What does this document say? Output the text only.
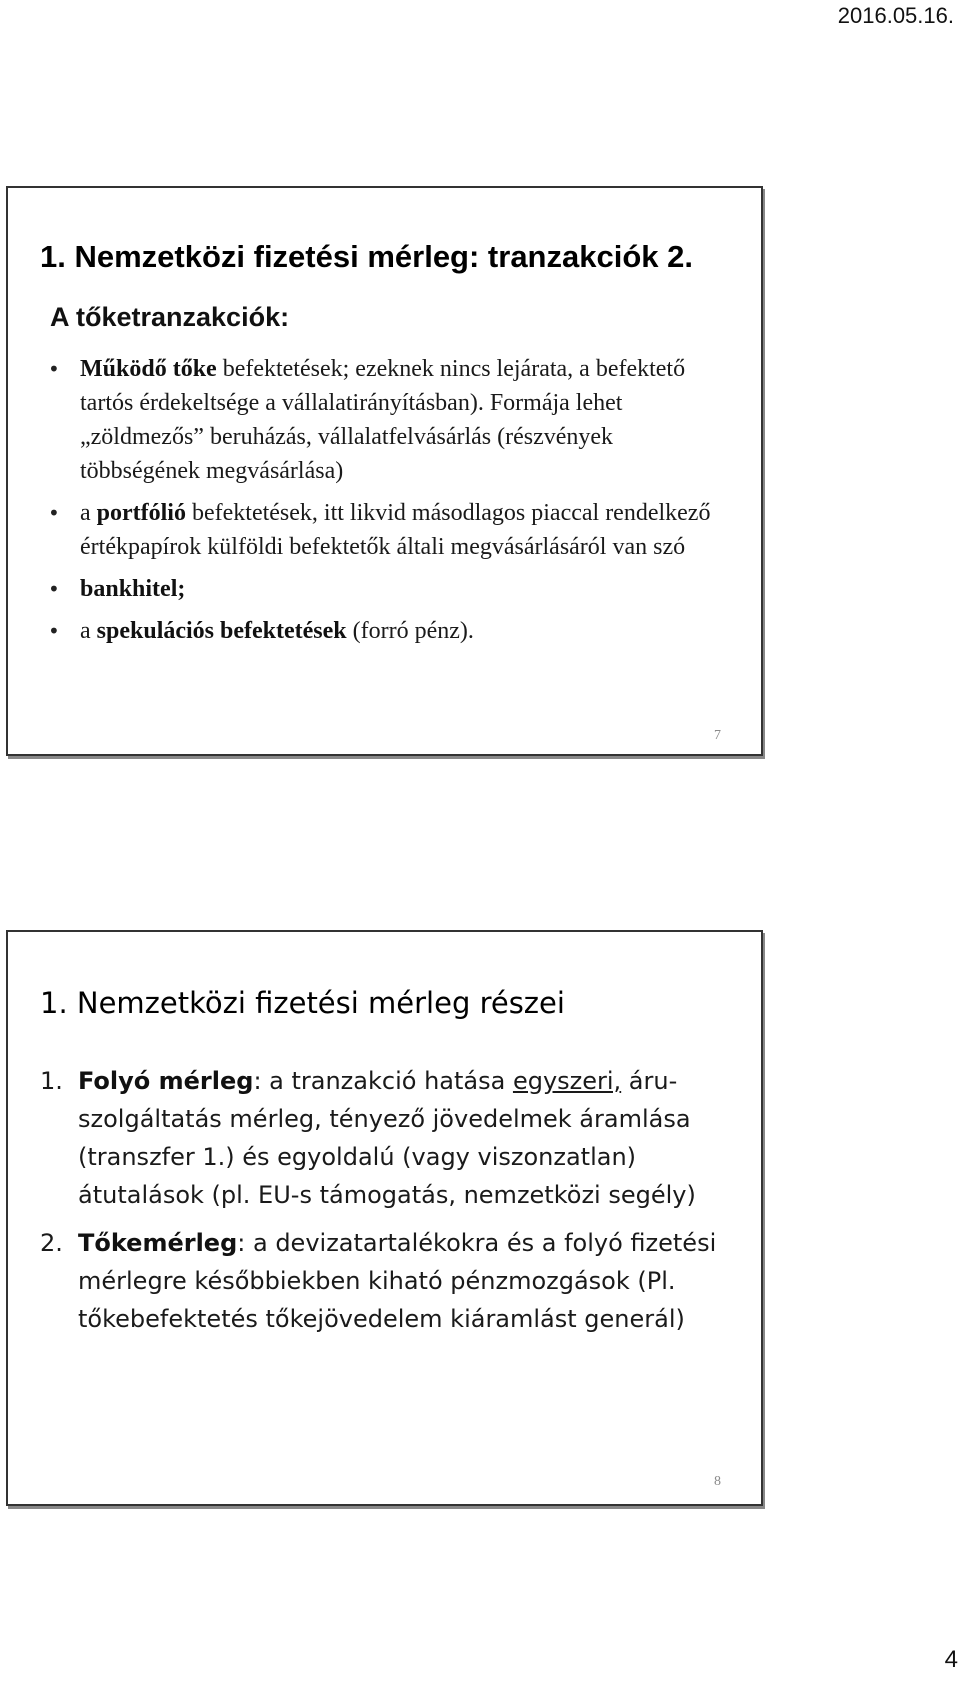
2016.05.16.
1. Nemzetközi fizetési mérleg: tranzakciók 2.
A tőketranzakciók:
• Működő tőke befektetések; ezeknek nincs lejárata, a befektető tartós érdekeltsége a vállalatirányításban). Formája lehet „zöldmezős” beruházás, vállalatfelvásárlás (részvények többségének megvásárlása)
• a portfólió befektetések, itt likvid másodlagos piaccal rendelkező értékpapírok külföldi befektetők általi megvásárlásáról van szó
• bankhitel;
• a spekulációs befektetések (forró pénz).
7
1. Nemzetközi fizetési mérleg részei
1. Folyó mérleg: a tranzakció hatása egyszeri, áru-szolgáltatás mérleg, tényező jövedelmek áramlása (transzfer 1.) és egyoldalú (vagy viszonzatlan) átutalások (pl. EU-s támogatás, nemzetközi segély)
2. Tőkemérleg: a devizatartalékokra és a folyó fizetési mérlegre későbbiekben kiható pénzmozgások (Pl. tőkebefektetés tőkejövedelem kiáramlást generál)
8
4
